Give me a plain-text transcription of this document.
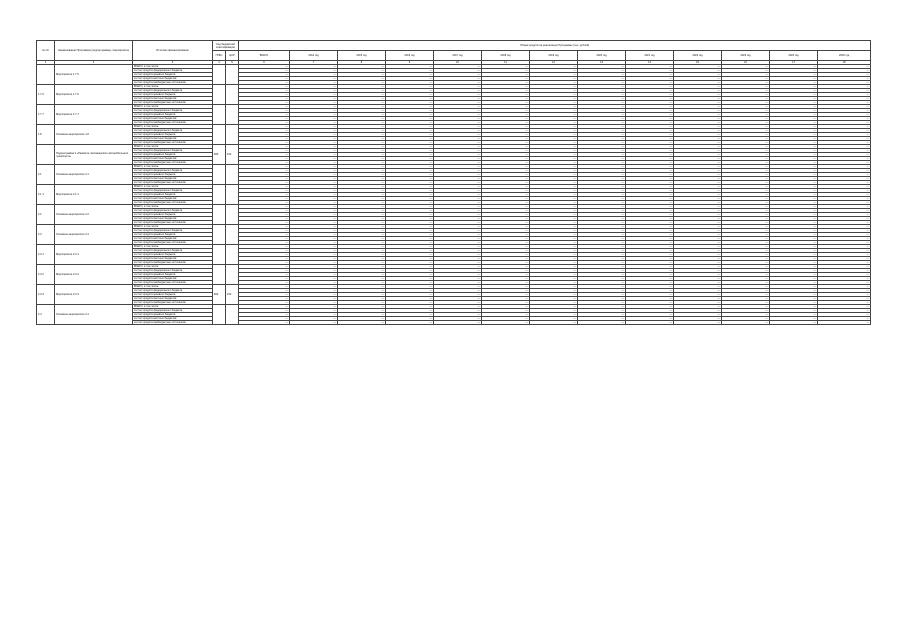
№ п/п	Наименование Программы (подпрограммы) / мероприятия	Источник финансирования	Код бюджетной классификации		Объем средств на реализацию Программы (тыс. рублей)												
			ГРБС	ЦСР	ВСЕГО	2014 год	2015 год	2016 год	2017 год	2018 год	2019 год	2020 год	2021 год	2022 год	2023 год	2024 год	2025 год
1	2	3	4	5	6	7	8	9	10	11	12	13	14	15	16	17	18
	Мероприятие 1.7.5	ВСЕГО, в том числе:			—	—	—	—	—	—	—	—	—	—	—	—	—
		за счет средств федерального бюджета			—	—	—	—	—	—	—	—	—	—	—	—	—
		за счет средств краевого бюджета			—	—	—	—	—	—	—	—	—	—	—	—	—
		за счет средств местных бюджетов			—	—	—	—	—	—	—	—	—	—	—	—	—
		за счет средств внебюджетных источников			—	—	—	—	—	—	—	—	—	—	—	—	—
1.7.6	Мероприятие 1.7.6	ВСЕГО, в том числе:			—	—	—	—	—	—	—	—	—	—	—	—	—
		за счет средств федерального бюджета			—	—	—	—	—	—	—	—	—	—	—	—	—
		за счет средств краевого бюджета			—	—	—	—	—	—	—	—	—	—	—	—	—
		за счет средств местных бюджетов			—	—	—	—	—	—	—	—	—	—	—	—	—
		за счет средств внебюджетных источников			—	—	—	—	—	—	—	—	—	—	—	—	—
1.7.7	Мероприятие 1.7.7	ВСЕГО, в том числе:			—	—	—	—	—	—	—	—	—	—	—	—	—
		за счет средств федерального бюджета			—	—	—	—	—	—	—	—	—	—	—	—	—
		за счет средств краевого бюджета			—	—	—	—	—	—	—	—	—	—	—	—	—
		за счет средств местных бюджетов			—	—	—	—	—	—	—	—	—	—	—	—	—
		за счет средств внебюджетных источников			—	—	—	—	—	—	—	—	—	—	—	—	—
1.8	Основное мероприятие 1.8	ВСЕГО, в том числе:			—	—	—	—	—	—	—	—	—	—	—	—	—
		за счет средств федерального бюджета			—	—	—	—	—	—	—	—	—	—	—	—	—
		за счет средств краевого бюджета			—	—	—	—	—	—	—	—	—	—	—	—	—
		за счет средств местных бюджетов			—	—	—	—	—	—	—	—	—	—	—	—	—
		за счет средств внебюджетных источников			—	—	—	—	—	—	—	—	—	—	—	—	—
	Подпрограмма 2 «Развитие пассажирского автомобильного транспорта»	ВСЕГО, в том числе:	823	152	—	—	—	—	—	—	—	—	—	—	—	—	—
		за счет средств федерального бюджета			—	—	—	—	—	—	—	—	—	—	—	—	—
		за счет средств краевого бюджета			—	—	—	—	—	—	—	—	—	—	—	—	—
		за счет средств местных бюджетов			—	—	—	—	—	—	—	—	—	—	—	—	—
		за счет средств внебюджетных источников			—	—	—	—	—	—	—	—	—	—	—	—	—
2.1	Основное мероприятие 2.1	ВСЕГО, в том числе:			—	—	—	—	—	—	—	—	—	—	—	—	—
		за счет средств федерального бюджета			—	—	—	—	—	—	—	—	—	—	—	—	—
		за счет средств краевого бюджета			—	—	—	—	—	—	—	—	—	—	—	—	—
		за счет средств местных бюджетов			—	—	—	—	—	—	—	—	—	—	—	—	—
		за счет средств внебюджетных источников			—	—	—	—	—	—	—	—	—	—	—	—	—
2.1.1	Мероприятие 2.1.1	ВСЕГО, в том числе:			—	—	—	—	—	—	—	—	—	—	—	—	—
		за счет средств федерального бюджета			—	—	—	—	—	—	—	—	—	—	—	—	—
		за счет средств краевого бюджета			—	—	—	—	—	—	—	—	—	—	—	—	—
		за счет средств местных бюджетов			—	—	—	—	—	—	—	—	—	—	—	—	—
		за счет средств внебюджетных источников			—	—	—	—	—	—	—	—	—	—	—	—	—
2.2	Основное мероприятие 2.2	ВСЕГО, в том числе:			—	—	—	—	—	—	—	—	—	—	—	—	—
		за счет средств федерального бюджета			—	—	—	—	—	—	—	—	—	—	—	—	—
		за счет средств краевого бюджета			—	—	—	—	—	—	—	—	—	—	—	—	—
		за счет средств местных бюджетов			—	—	—	—	—	—	—	—	—	—	—	—	—
		за счет средств внебюджетных источников			—	—	—	—	—	—	—	—	—	—	—	—	—
2.3	Основное мероприятие 2.3	ВСЕГО, в том числе:			—	—	—	—	—	—	—	—	—	—	—	—	—
		за счет средств федерального бюджета			—	—	—	—	—	—	—	—	—	—	—	—	—
		за счет средств краевого бюджета			—	—	—	—	—	—	—	—	—	—	—	—	—
		за счет средств местных бюджетов			—	—	—	—	—	—	—	—	—	—	—	—	—
		за счет средств внебюджетных источников			—	—	—	—	—	—	—	—	—	—	—	—	—
2.3.1	Мероприятие 2.3.1	ВСЕГО, в том числе:			—	—	—	—	—	—	—	—	—	—	—	—	—
		за счет средств федерального бюджета			—	—	—	—	—	—	—	—	—	—	—	—	—
		за счет средств краевого бюджета			—	—	—	—	—	—	—	—	—	—	—	—	—
		за счет средств местных бюджетов			—	—	—	—	—	—	—	—	—	—	—	—	—
		за счет средств внебюджетных источников			—	—	—	—	—	—	—	—	—	—	—	—	—
2.3.2	Мероприятие 2.3.2	ВСЕГО, в том числе:			—	—	—	—	—	—	—	—	—	—	—	—	—
		за счет средств федерального бюджета			—	—	—	—	—	—	—	—	—	—	—	—	—
		за счет средств краевого бюджета			—	—	—	—	—	—	—	—	—	—	—	—	—
		за счет средств местных бюджетов			—	—	—	—	—	—	—	—	—	—	—	—	—
		за счет средств внебюджетных источников			—	—	—	—	—	—	—	—	—	—	—	—	—
2.3.3	Мероприятие 2.3.3	ВСЕГО, в том числе:	822	152	—	—	—	—	—	—	—	—	—	—	—	—	—
		за счет средств федерального бюджета			—	—	—	—	—	—	—	—	—	—	—	—	—
		за счет средств краевого бюджета			—	—	—	—	—	—	—	—	—	—	—	—	—
		за счет средств местных бюджетов			—	—	—	—	—	—	—	—	—	—	—	—	—
		за счет средств внебюджетных источников			—	—	—	—	—	—	—	—	—	—	—	—	—
2.4	Основное мероприятие 2.4	ВСЕГО, в том числе:			—	—	—	—	—	—	—	—	—	—	—	—	—
		за счет средств федерального бюджета			—	—	—	—	—	—	—	—	—	—	—	—	—
		за счет средств краевого бюджета			—	—	—	—	—	—	—	—	—	—	—	—	—
		за счет средств местных бюджетов			—	—	—	—	—	—	—	—	—	—	—	—	—
		за счет средств внебюджетных источников			—	—	—	—	—	—	—	—	—	—	—	—	—
